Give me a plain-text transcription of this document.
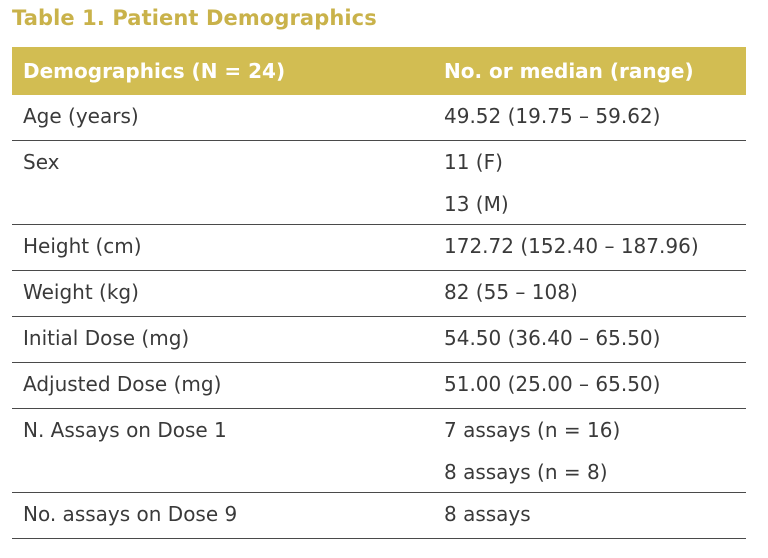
Table 1. Patient Demographics
Demographics (N = 24)	No. or median (range)
Age (years)	49.52 (19.75 – 59.62)
Sex	11 (F)
13 (M)
Height (cm)	172.72 (152.40 – 187.96)
Weight (kg)	82 (55 – 108)
Initial Dose (mg)	54.50 (36.40 – 65.50)
Adjusted Dose (mg)	51.00 (25.00 – 65.50)
N. Assays on Dose 1	7 assays (n = 16)
8 assays (n = 8)
No. assays on Dose 9	8 assays
